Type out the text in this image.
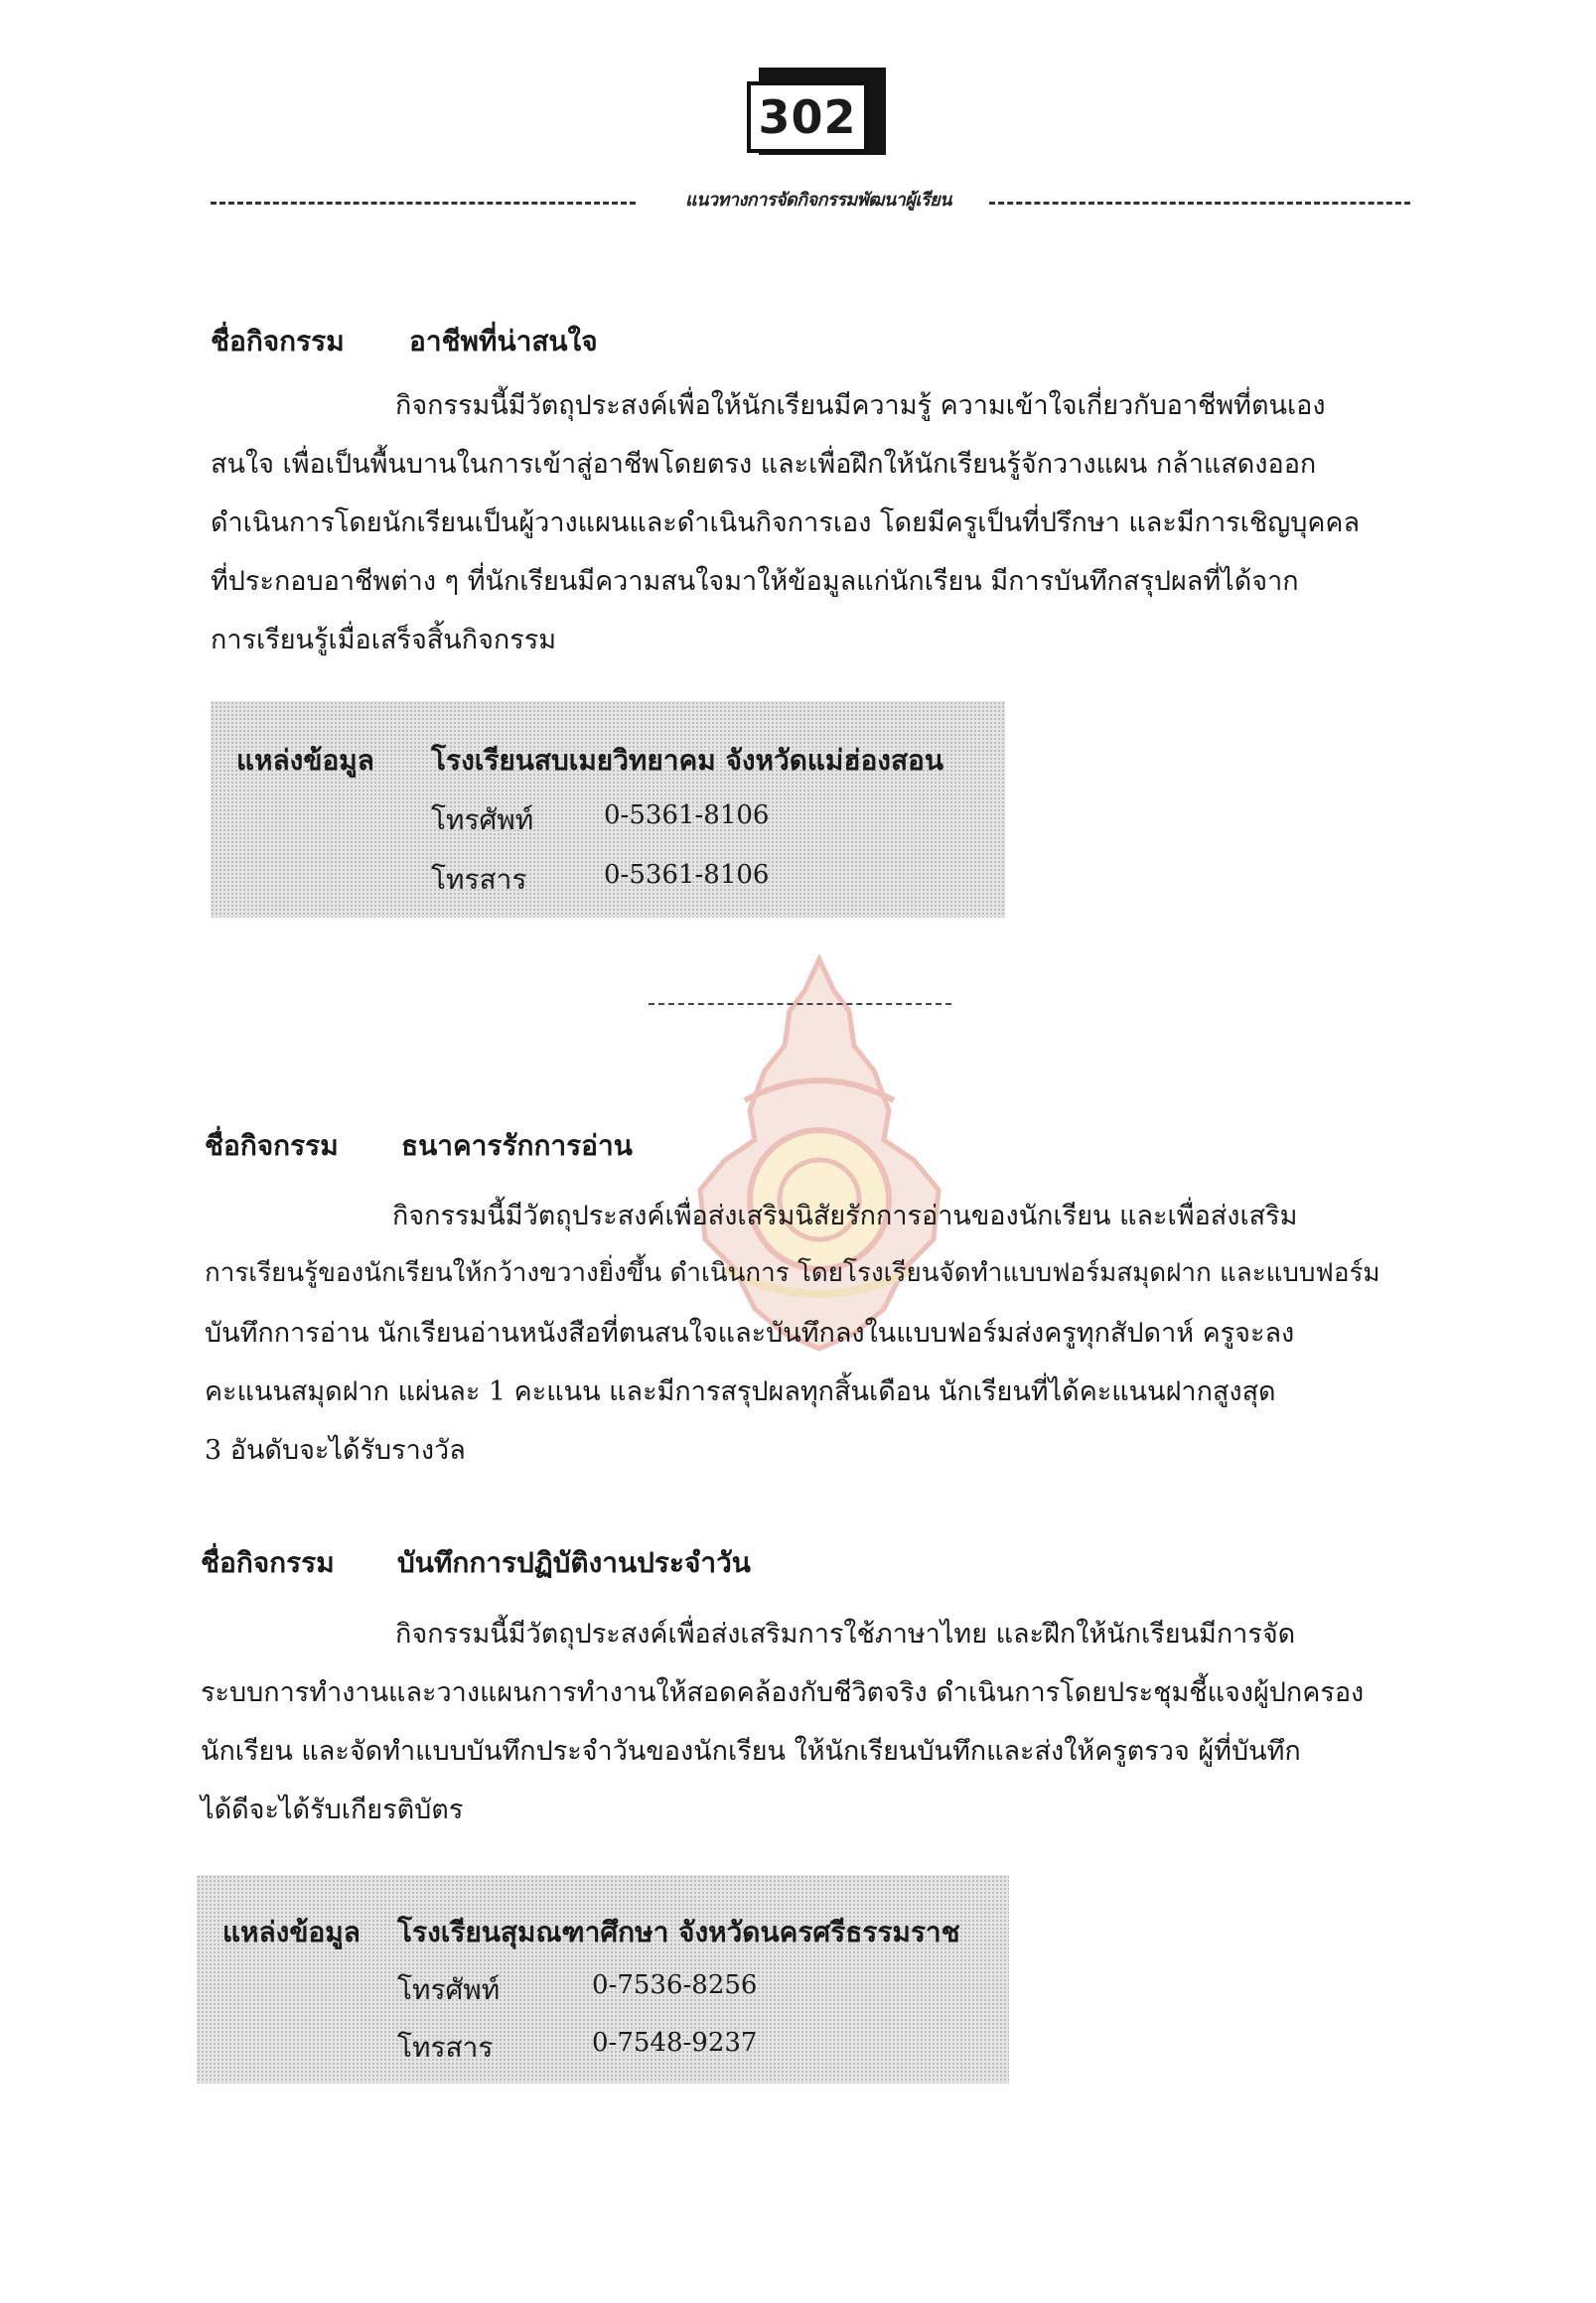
302
แนวทางการจัดกิจกรรมพัฒนาผู้เรียน
ชื่อกิจกรรม อาชีพที่น่าสนใจ
กิจกรรมนี้มีวัตถุประสงค์เพื่อให้นักเรียนมีความรู้ ความเข้าใจเกี่ยวกับอาชีพที่ตนเอง
สนใจ เพื่อเป็นพื้นบานในการเข้าสู่อาชีพโดยตรง และเพื่อฝึกให้นักเรียนรู้จักวางแผน กล้าแสดงออก
ดำเนินการโดยนักเรียนเป็นผู้วางแผนและดำเนินกิจการเอง โดยมีครูเป็นที่ปรึกษา และมีการเชิญบุคคล
ที่ประกอบอาชีพต่าง ๆ ที่นักเรียนมีความสนใจมาให้ข้อมูลแก่นักเรียน มีการบันทึกสรุปผลที่ได้จาก
การเรียนรู้เมื่อเสร็จสิ้นกิจกรรม
แหล่งข้อมูล โรงเรียนสบเมยวิทยาคม จังหวัดแม่ฮ่องสอน
โทรศัพท์	0-5361-8106
โทรสาร	0-5361-8106
ชื่อกิจกรรม ธนาคารรักการอ่าน
กิจกรรมนี้มีวัตถุประสงค์เพื่อส่งเสริมนิสัยรักการอ่านของนักเรียน และเพื่อส่งเสริม
การเรียนรู้ของนักเรียนให้กว้างขวางยิ่งขึ้น ดำเนินการ โดยโรงเรียนจัดทำแบบฟอร์มสมุดฝาก และแบบฟอร์ม
บันทึกการอ่าน นักเรียนอ่านหนังสือที่ตนสนใจและบันทึกลงในแบบฟอร์มส่งครูทุกสัปดาห์ ครูจะลง
คะแนนสมุดฝาก แผ่นละ 1 คะแนน และมีการสรุปผลทุกสิ้นเดือน นักเรียนที่ได้คะแนนฝากสูงสุด
3 อันดับจะได้รับรางวัล
ชื่อกิจกรรม บันทึกการปฏิบัติงานประจำวัน
กิจกรรมนี้มีวัตถุประสงค์เพื่อส่งเสริมการใช้ภาษาไทย และฝึกให้นักเรียนมีการจัด
ระบบการทำงานและวางแผนการทำงานให้สอดคล้องกับชีวิตจริง ดำเนินการโดยประชุมชี้แจงผู้ปกครอง
นักเรียน และจัดทำแบบบันทึกประจำวันของนักเรียน ให้นักเรียนบันทึกและส่งให้ครูตรวจ ผู้ที่บันทึก
ได้ดีจะได้รับเกียรติบัตร
แหล่งข้อมูล โรงเรียนสุมณฑาศึกษา จังหวัดนครศรีธรรมราช
โทรศัพท์	0-7536-8256
โทรสาร	0-7548-9237
